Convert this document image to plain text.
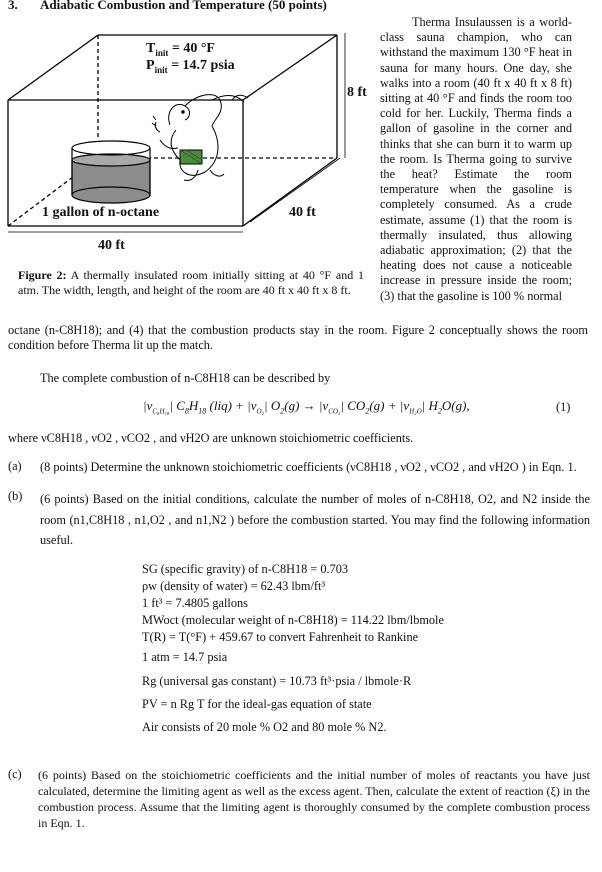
3. Adiabatic Combustion and Temperature (50 points)
$T_{init} = 40$ °F
$P_{init} = 14.7$ psia
8 ft
40 ft
40 ft
1 gallon of n-octane
Figure 2: A thermally insulated room initially sitting at 40 °F and 1 atm. The width, length, and height of the room are 40 ft x 40 ft x 8 ft.
Therma Insulaussen is a world-class sauna champion, who can withstand the maximum 130 °F heat in sauna for many hours. One day, she walks into a room (40 ft x 40 ft x 8 ft) sitting at 40 °F and finds the room too cold for her. Luckily, Therma finds a gallon of gasoline in the corner and thinks that she can burn it to warm up the room. Is Therma going to survive the heat? Estimate the room temperature when the gasoline is completely consumed. As a crude estimate, assume (1) that the room is thermally insulated, thus allowing adiabatic approximation; (2) that the heating does not cause a noticeable increase in pressure inside the room; (3) that the gasoline is 100 % normal
octane (n-C8H18); and (4) that the combustion products stay in the room. Figure 2 conceptually shows the room condition before Therma lit up the match.
The complete combustion of n-C8H18 can be described by
$|\nu_{C_8H_{18}}|$ $C_8H_{18}$ $(liq) + |\nu_{O_2}|$ $O_2(g) \to |\nu_{CO_2}|$ $CO_2(g) + |\nu_{H_2O}|$ $H_2O(g)$,	(1)
where νC8H18 , νO2 , νCO2 , and νH2O are unknown stoichiometric coefficients.
(a) (8 points) Determine the unknown stoichiometric coefficients (νC8H18 , νO2 , νCO2 , and νH2O ) in Eqn. 1.
(b) (6 points) Based on the initial conditions, calculate the number of moles of n-C8H18, O2, and N2 inside the room (n1,C8H18 , n1,O2 , and n1,N2 ) before the combustion started. You may find the following information useful.
SG (specific gravity) of n-C8H18 = 0.703
ρw (density of water) = 62.43 lbm/ft³
1 ft³ = 7.4805 gallons
MWoct (molecular weight of n-C8H18) = 114.22 lbm/lbmole
T(R) = T(°F) + 459.67 to convert Fahrenheit to Rankine
1 atm = 14.7 psia
Rg (universal gas constant) = 10.73 ft³·psia / lbmole·R
PV = n Rg T for the ideal-gas equation of state
Air consists of 20 mole % O2 and 80 mole % N2.
(c) (6 points) Based on the stoichiometric coefficients and the initial number of moles of reactants you have just calculated, determine the limiting agent as well as the excess agent. Then, calculate the extent of reaction (ξ) in the combustion process. Assume that the limiting agent is thoroughly consumed by the complete combustion process in Eqn. 1.
